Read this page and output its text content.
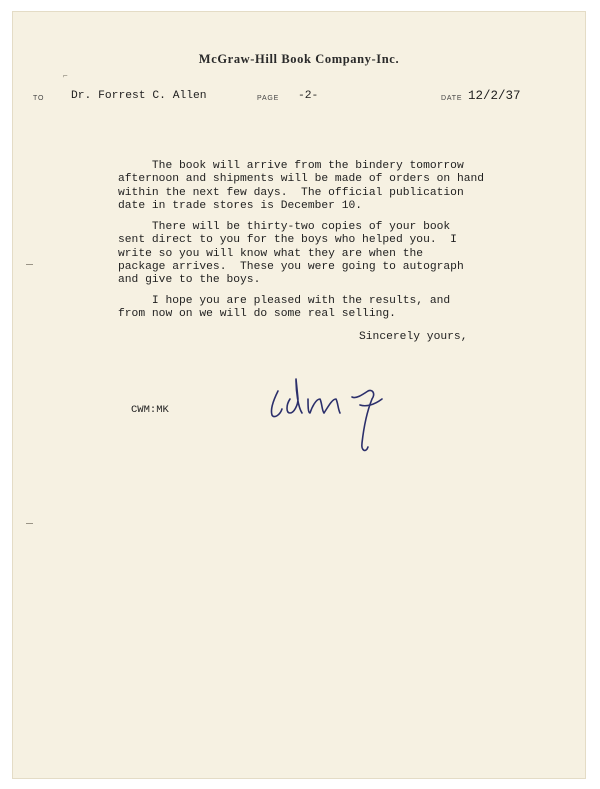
⌐
McGraw-Hill Book Company-Inc.
TO Dr. Forrest C. Allen	PAGE -2-	DATE 12/2/37
The book will arrive from the bindery tomorrow
afternoon and shipments will be made of orders on hand
within the next few days.  The official publication
date in trade stores is December 10.
There will be thirty-two copies of your book
sent direct to you for the boys who helped you.  I
write so you will know what they are when the
package arrives.  These you were going to autograph
and give to the boys.
I hope you are pleased with the results, and
from now on we will do some real selling.
Sincerely yours,
CWM:MK
